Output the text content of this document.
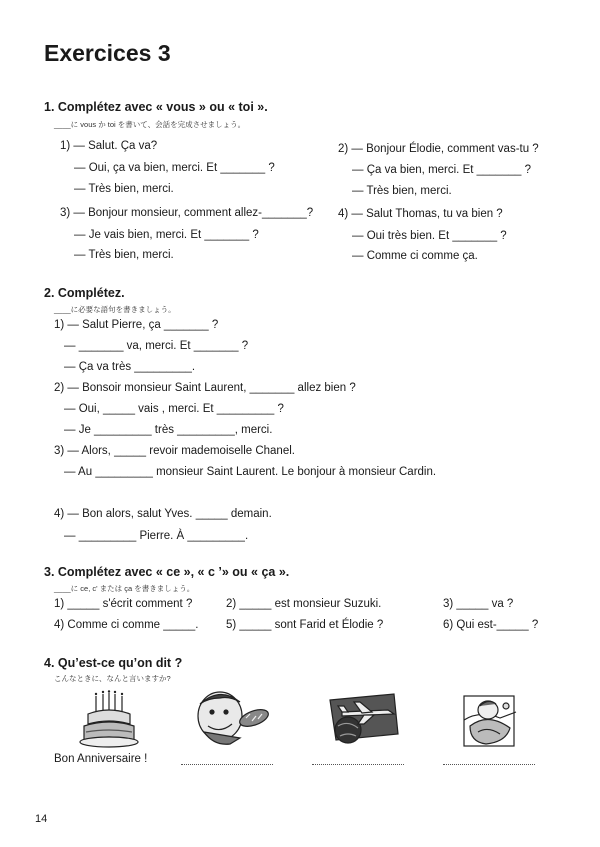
Exercices 3
1. Complétez avec « vous » ou « toi ».
____に vous か toi を書いて、会話を完成させましょう。
1) — Salut. Ça va?
— Oui, ça va bien, merci. Et _______ ?
— Très bien, merci.
3) — Bonjour monsieur, comment allez-_______?
— Je vais bien, merci. Et _______ ?
— Très bien, merci.
2) — Bonjour Élodie, comment vas-tu ?
— Ça va bien, merci. Et _______ ?
— Très bien, merci.
4) — Salut Thomas, tu va bien ?
— Oui très bien. Et _______ ?
— Comme ci comme ça.
2. Complétez.
____に必要な語句を書きましょう。
1) — Salut Pierre, ça _______ ?
— _______ va, merci. Et _______ ?
— Ça va très _________.
2) — Bonsoir monsieur Saint Laurent, _______ allez bien ?
— Oui, _____ vais , merci. Et _________ ?
— Je _________ très _________, merci.
3) — Alors, _____ revoir mademoiselle Chanel.
— Au _________ monsieur Saint Laurent. Le bonjour à monsieur Cardin.
4) — Bon alors, salut Yves. _____ demain.
— _________ Pierre. À _________.
3. Complétez avec « ce », « c ’» ou « ça ».
____に ce, c' または ça を書きましょう。
1) _____ s'écrit comment ?	2) _____ est monsieur Suzuki.	3) _____ va ?
4) Comme ci comme _____. 5) _____ sont Farid et Élodie ?	6) Qui est-_____ ?
4. Qu’est-ce qu’on dit ?
こんなときに、なんと言いますか?
Bon Anniversaire !
14
